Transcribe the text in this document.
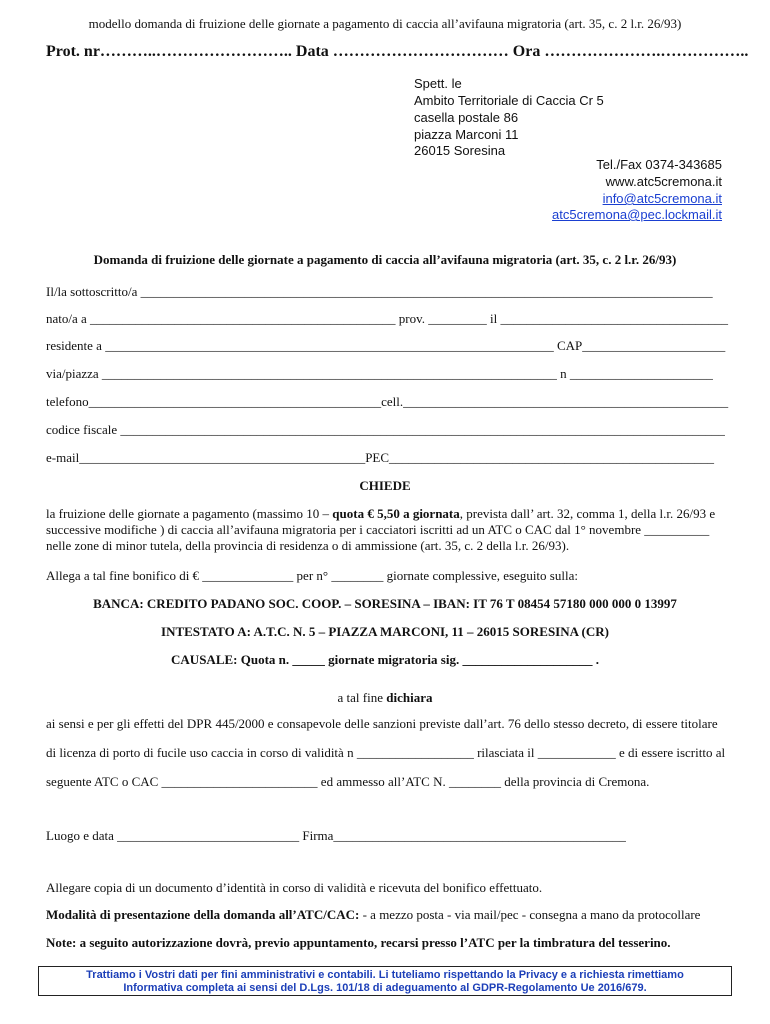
modello domanda di fruizione delle giornate a pagamento di caccia all’avifauna migratoria (art. 35, c. 2 l.r. 26/93)
Prot. nr………..…………………….. Data …………………………… Ora ………………….……………..
Spett. le
Ambito Territoriale di Caccia Cr 5
casella postale 86
piazza Marconi 11
26015 Soresina
Tel./Fax 0374-343685
www.atc5cremona.it
info@atc5cremona.it
atc5cremona@pec.lockmail.it
Domanda di fruizione delle giornate a pagamento di caccia all’avifauna migratoria (art. 35, c. 2 l.r. 26/93)
Il/la sottoscritto/a ________________________________________________________________________________________
nato/a a _______________________________________________ prov. _________ il ___________________________________
residente a _____________________________________________________________________ CAP______________________
via/piazza ______________________________________________________________________ n ______________________
telefono_____________________________________________cell.__________________________________________________
codice fiscale _____________________________________________________________________________________________
e-mail____________________________________________PEC__________________________________________________
CHIEDE
la fruizione delle giornate a pagamento (massimo 10 – quota € 5,50 a giornata, prevista dall’ art. 32, comma 1, della l.r. 26/93 e
successive modifiche ) di caccia all’avifauna migratoria per i cacciatori iscritti ad un ATC o CAC dal 1° novembre __________
nelle zone di minor tutela, della provincia di residenza o di ammissione (art. 35, c. 2 della l.r. 26/93).
Allega a tal fine bonifico di € ______________ per n° ________ giornate complessive, eseguito sulla:
BANCA: CREDITO PADANO SOC. COOP. – SORESINA – IBAN: IT 76 T 08454 57180 000 000 0 13997
INTESTATO A: A.T.C. N. 5 – PIAZZA MARCONI, 11 – 26015 SORESINA (CR)
CAUSALE: Quota n. _____ giornate migratoria sig. ____________________ .
a tal fine dichiara
ai sensi e per gli effetti del DPR 445/2000 e consapevole delle sanzioni previste dall’art. 76 dello stesso decreto, di essere titolare
di licenza di porto di fucile uso caccia in corso di validità n __________________ rilasciata il ____________ e di essere iscritto al
seguente ATC o CAC ________________________ ed ammesso all’ATC N. ________ della provincia di Cremona.
Luogo e data ____________________________ Firma_____________________________________________
Allegare copia di un documento d’identità in corso di validità e ricevuta del bonifico effettuato.
Modalità di presentazione della domanda all’ATC/CAC: - a mezzo posta - via mail/pec - consegna a mano da protocollare
Note: a seguito autorizzazione dovrà, previo appuntamento, recarsi presso l’ATC per la timbratura del tesserino.
Trattiamo i Vostri dati per fini amministrativi e contabili. Li tuteliamo rispettando la Privacy e a richiesta rimettiamo
Informativa completa ai sensi del D.Lgs. 101/18 di adeguamento al GDPR-Regolamento Ue 2016/679.
